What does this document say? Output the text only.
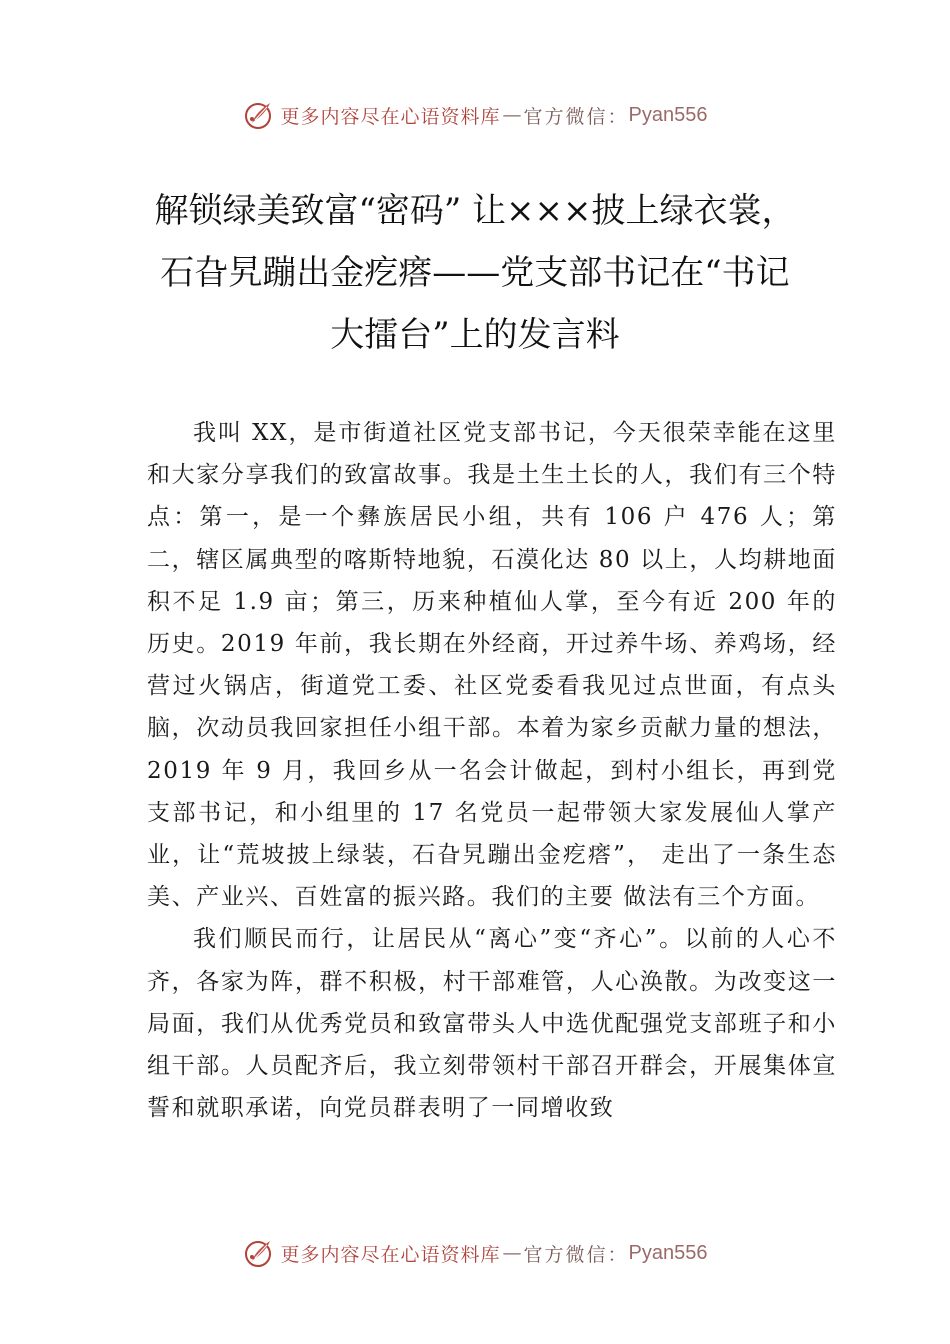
更多内容尽在心语资料库 — 官方微信： Pyan556
解锁绿美致富“密码” 让×××披上绿衣裳，
石旮旯蹦出金疙瘩——党支部书记在“书记
大擂台”上的发言料

我叫 XX，是市街道社区党支部书记，今天很荣幸能在这里和大家分享我们的致富故事。我是土生土长的人，我们有三个特点：第一，是一个彝族居民小组，共有 106 户 476 人；第二，辖区属典型的喀斯特地貌，石漠化达 80 以上，人均耕地面积不足 1.9 亩；第三，历来种植仙人掌，至今有近 200 年的历史。2019 年前，我长期在外经商，开过养牛场、养鸡场，经营过火锅店，街道党工委、社区党委看我见过点世面，有点头脑，次动员我回家担任小组干部。本着为家乡贡献力量的想法，2019 年 9 月，我回乡从一名会计做起，到村小组长，再到党支部书记，和小组里的 17 名党员一起带领大家发展仙人掌产业，让“荒坡披上绿装，石旮旯蹦出金疙瘩”， 走出了一条生态美、产业兴、百姓富的振兴路。我们的主要 做法有三个方面。

我们顺民而行，让居民从“离心”变“齐心”。以前的人心不齐，各家为阵，群不积极，村干部难管，人心涣散。为改变这一局面，我们从优秀党员和致富带头人中选优配强党支部班子和小组干部。人员配齐后，我立刻带领村干部召开群会，开展集体宣誓和就职承诺，向党员群表明了一同增收致

更多内容尽在心语资料库 — 官方微信： Pyan556
